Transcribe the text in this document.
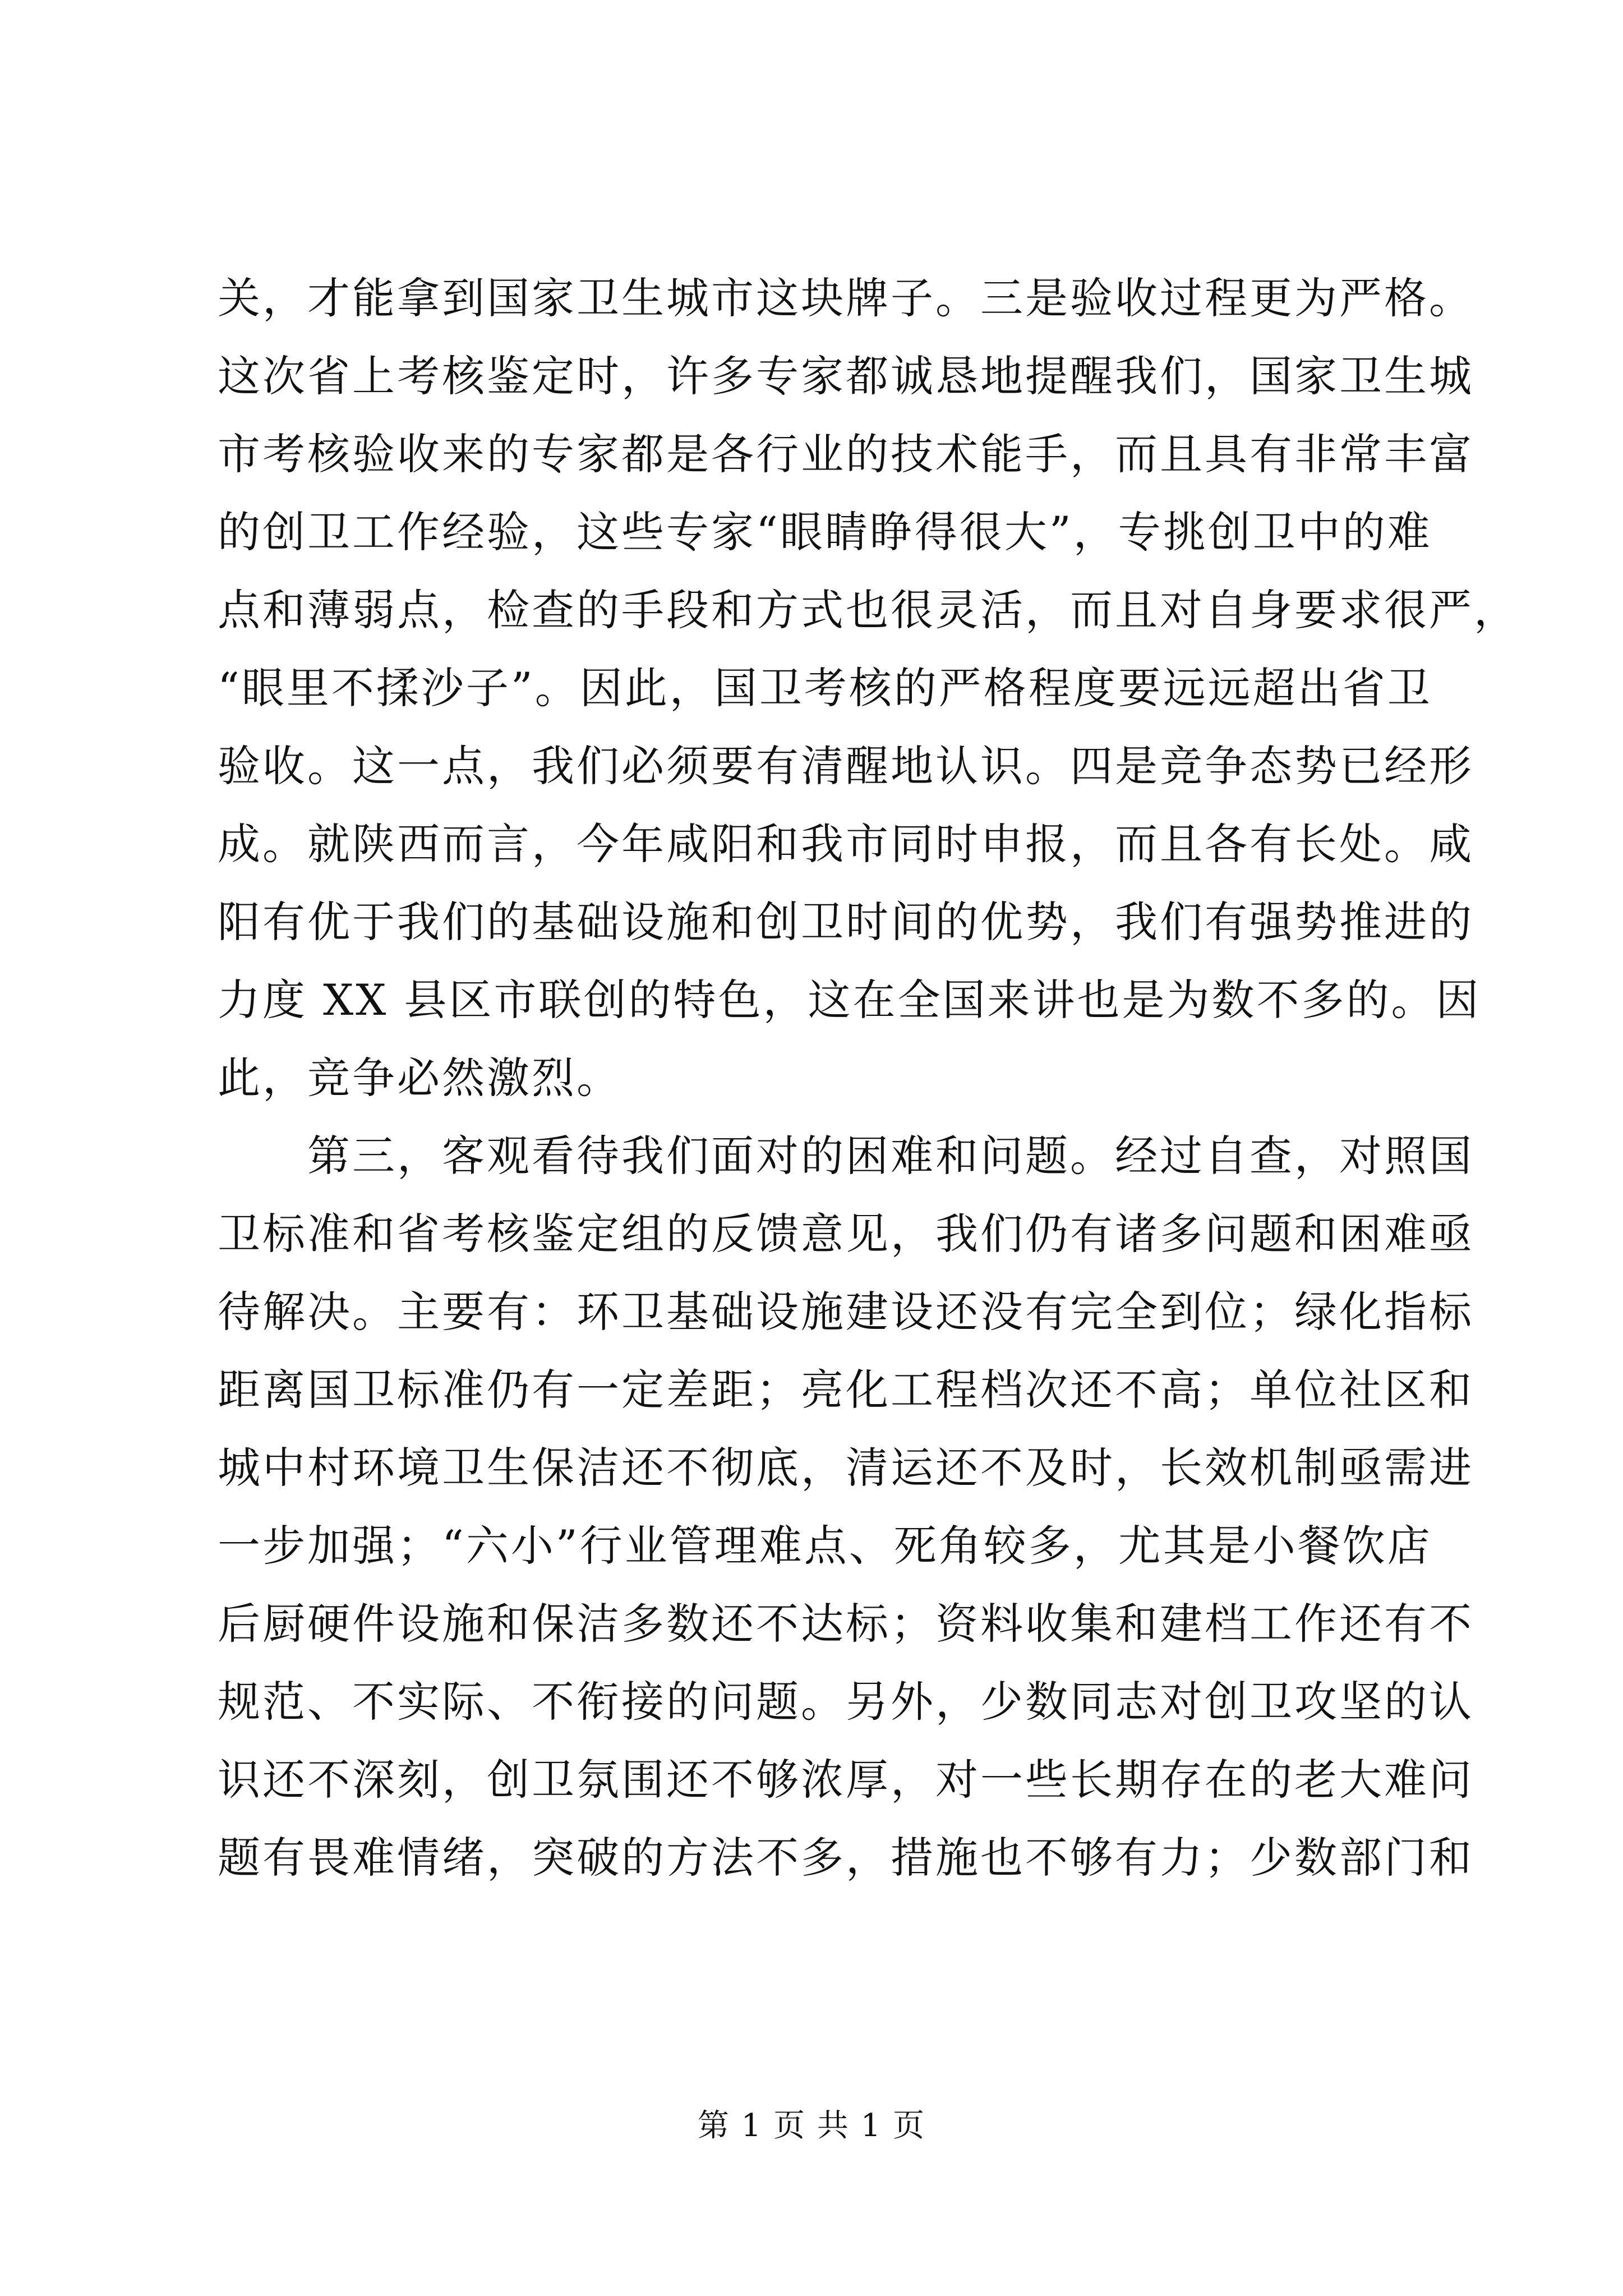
关，才能拿到国家卫生城市这块牌子。三是验收过程更为严格。
这次省上考核鉴定时，许多专家都诚恳地提醒我们，国家卫生城
市考核验收来的专家都是各行业的技术能手，而且具有非常丰富
的创卫工作经验，这些专家“眼睛睁得很大”，专挑创卫中的难
点和薄弱点，检查的手段和方式也很灵活，而且对自身要求很严，
“眼里不揉沙子”。因此，国卫考核的严格程度要远远超出省卫
验收。这一点，我们必须要有清醒地认识。四是竞争态势已经形
成。就陕西而言，今年咸阳和我市同时申报，而且各有长处。咸
阳有优于我们的基础设施和创卫时间的优势，我们有强势推进的
力度 XX 县区市联创的特色，这在全国来讲也是为数不多的。因
此，竞争必然激烈。
第三，客观看待我们面对的困难和问题。经过自查，对照国
卫标准和省考核鉴定组的反馈意见，我们仍有诸多问题和困难亟
待解决。主要有：环卫基础设施建设还没有完全到位；绿化指标
距离国卫标准仍有一定差距；亮化工程档次还不高；单位社区和
城中村环境卫生保洁还不彻底，清运还不及时，长效机制亟需进
一步加强；“六小”行业管理难点、死角较多，尤其是小餐饮店
后厨硬件设施和保洁多数还不达标；资料收集和建档工作还有不
规范、不实际、不衔接的问题。另外，少数同志对创卫攻坚的认
识还不深刻，创卫氛围还不够浓厚，对一些长期存在的老大难问
题有畏难情绪，突破的方法不多，措施也不够有力；少数部门和
第 1 页 共 1 页
